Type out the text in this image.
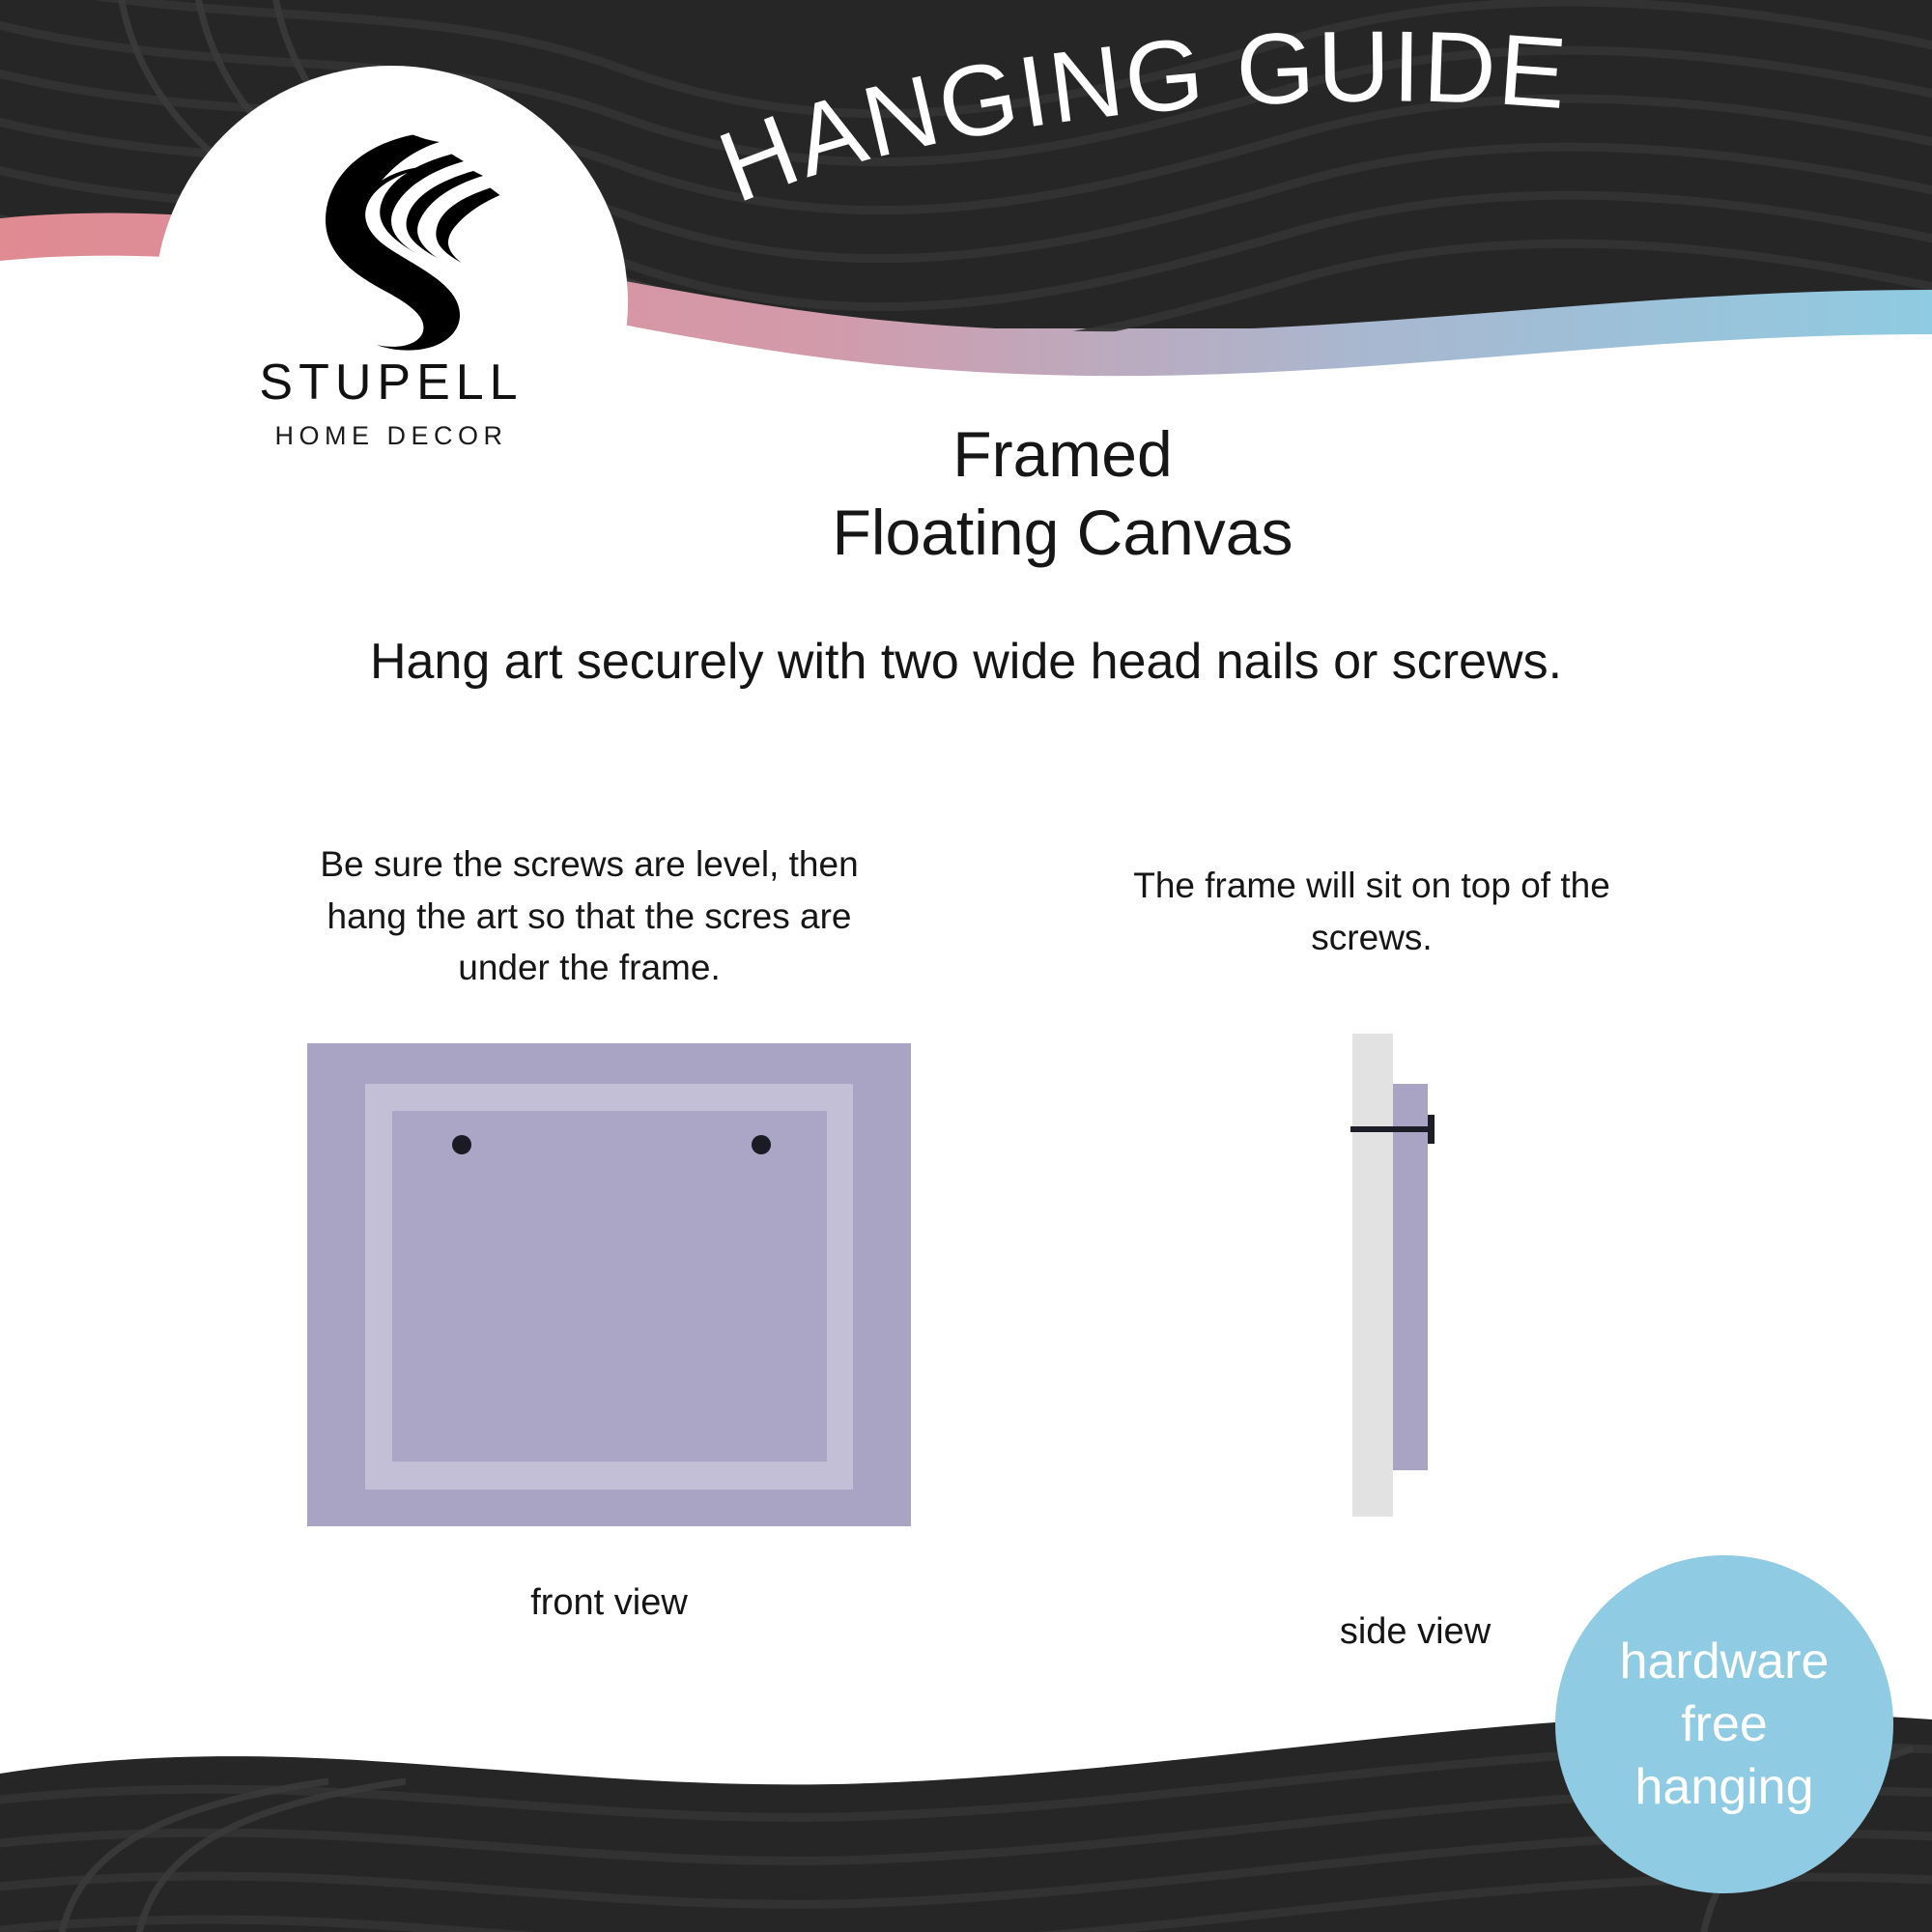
HANGING GUIDE
STUPELL
HOME DECOR	Framed
Floating Canvas
Hang art securely with two wide head nails or screws.
Be sure the screws are level, then hang the art so that the scres are under the frame.
front view
The frame will sit on top of the screws.
side view
hardware
free
hanging
